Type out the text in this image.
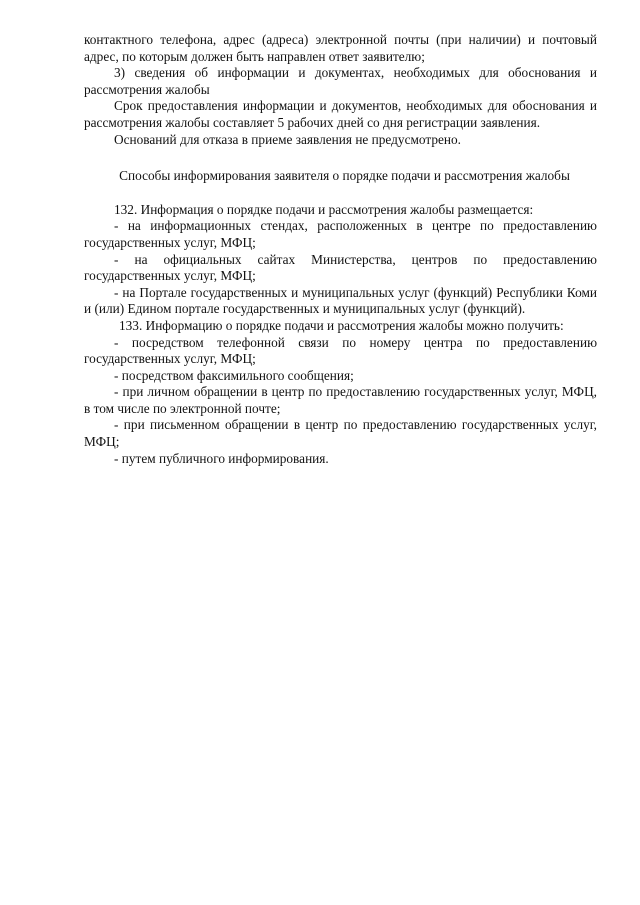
контактного телефона, адрес (адреса) электронной почты (при наличии) и почтовый адрес, по которым должен быть направлен ответ заявителю;

3) сведения об информации и документах, необходимых для обоснования и рассмотрения жалобы

Срок предоставления информации и документов, необходимых для обоснования и рассмотрения жалобы составляет 5 рабочих дней со дня регистрации заявления.

Оснований для отказа в приеме заявления не предусмотрено.

Способы информирования заявителя о порядке подачи и рассмотрения жалобы

132. Информация о порядке подачи и рассмотрения жалобы размещается:

- на информационных стендах, расположенных в центре по предоставлению государственных услуг, МФЦ;

- на официальных сайтах Министерства, центров по предоставлению государственных услуг, МФЦ;

- на Портале государственных и муниципальных услуг (функций) Республики Коми и (или) Едином портале государственных и муниципальных услуг (функций).

133. Информацию о порядке подачи и рассмотрения жалобы можно получить:

- посредством телефонной связи по номеру центра по предоставлению государственных услуг, МФЦ;

- посредством факсимильного сообщения;

- при личном обращении в центр по предоставлению государственных услуг, МФЦ, в том числе по электронной почте;

- при письменном обращении в центр по предоставлению государственных услуг, МФЦ;

- путем публичного информирования.
